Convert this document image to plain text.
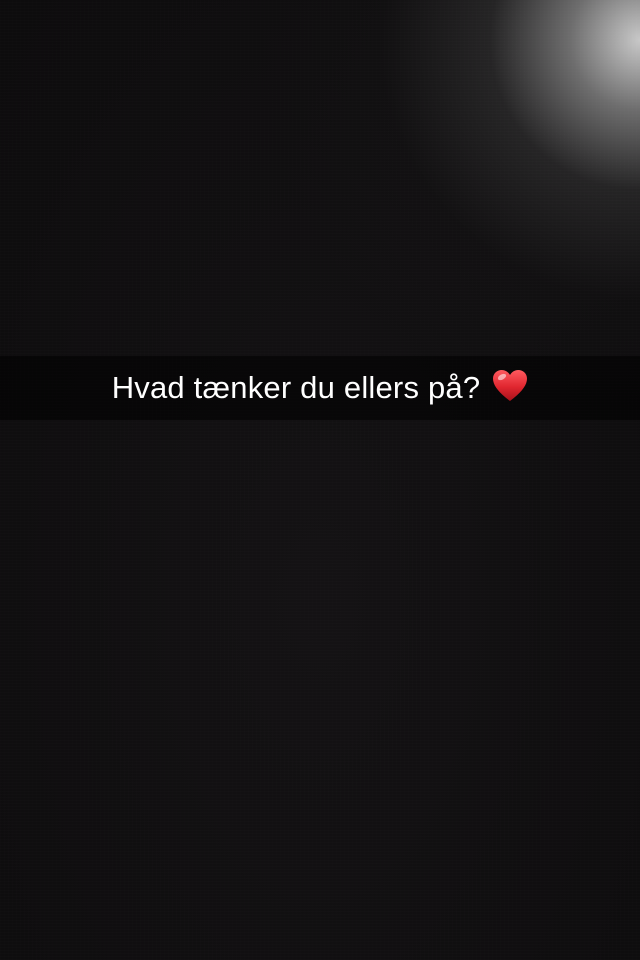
Hvad tænker du ellers på?
